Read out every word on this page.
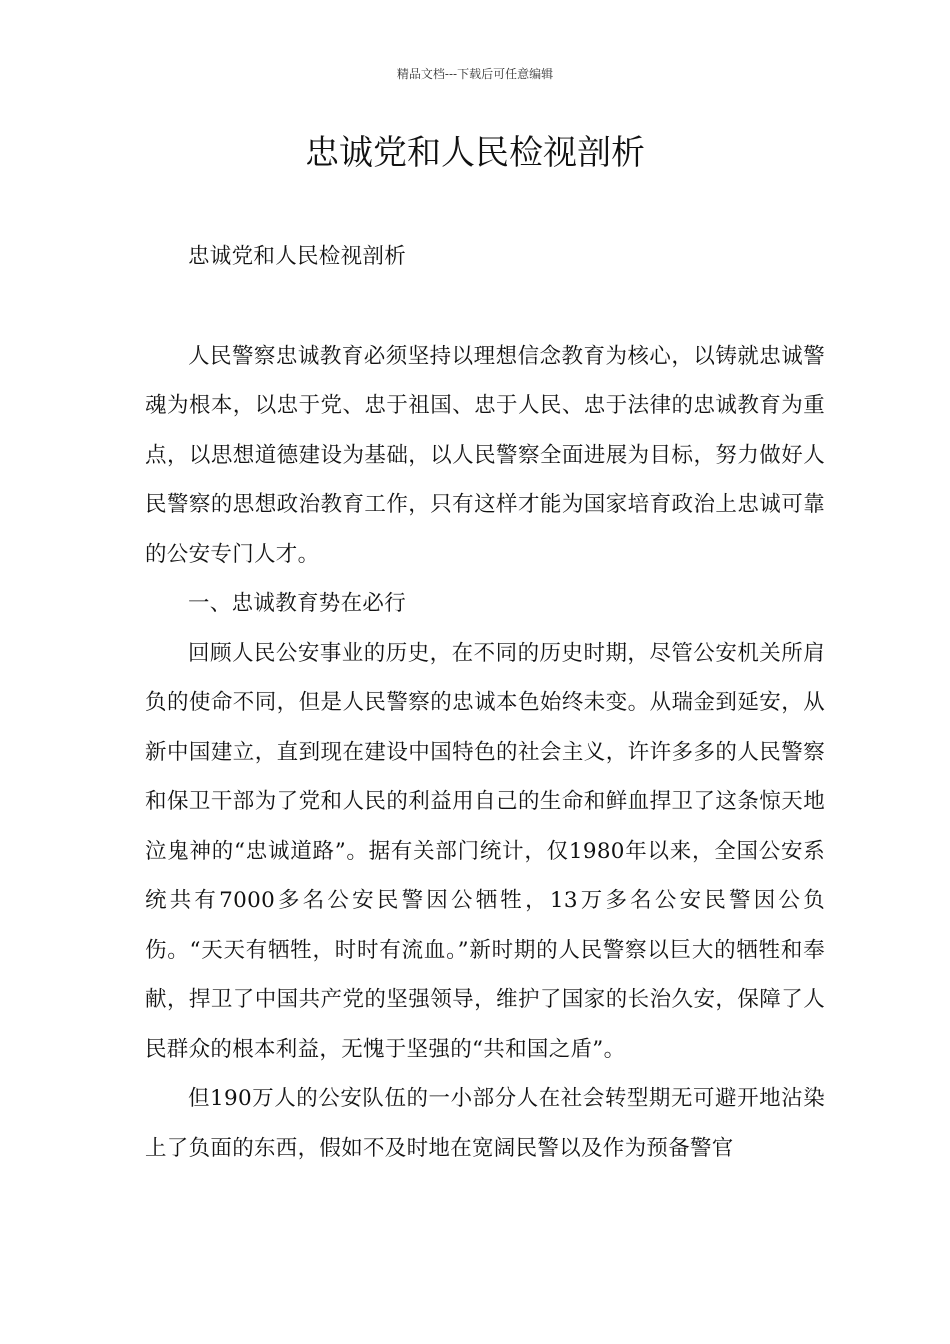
精品文档---下载后可任意编辑
忠诚党和人民检视剖析

忠诚党和人民检视剖析

人民警察忠诚教育必须坚持以理想信念教育为核心，以铸就忠诚警魂为根本，以忠于党、忠于祖国、忠于人民、忠于法律的忠诚教育为重点，以思想道德建设为基础，以人民警察全面进展为目标，努力做好人民警察的思想政治教育工作，只有这样才能为国家培育政治上忠诚可靠的公安专门人才。

一、忠诚教育势在必行

回顾人民公安事业的历史，在不同的历史时期，尽管公安机关所肩负的使命不同，但是人民警察的忠诚本色始终未变。从瑞金到延安，从新中国建立，直到现在建设中国特色的社会主义，许许多多的人民警察和保卫干部为了党和人民的利益用自己的生命和鲜血捍卫了这条惊天地泣鬼神的“忠诚道路”。据有关部门统计，仅1980年以来，全国公安系统共有7000多名公安民警因公牺牲，13万多名公安民警因公负伤。“天天有牺牲，时时有流血。”新时期的人民警察以巨大的牺牲和奉献，捍卫了中国共产党的坚强领导，维护了国家的长治久安，保障了人民群众的根本利益，无愧于坚强的“共和国之盾”。

但190万人的公安队伍的一小部分人在社会转型期无可避开地沾染上了负面的东西，假如不及时地在宽阔民警以及作为预备警官
